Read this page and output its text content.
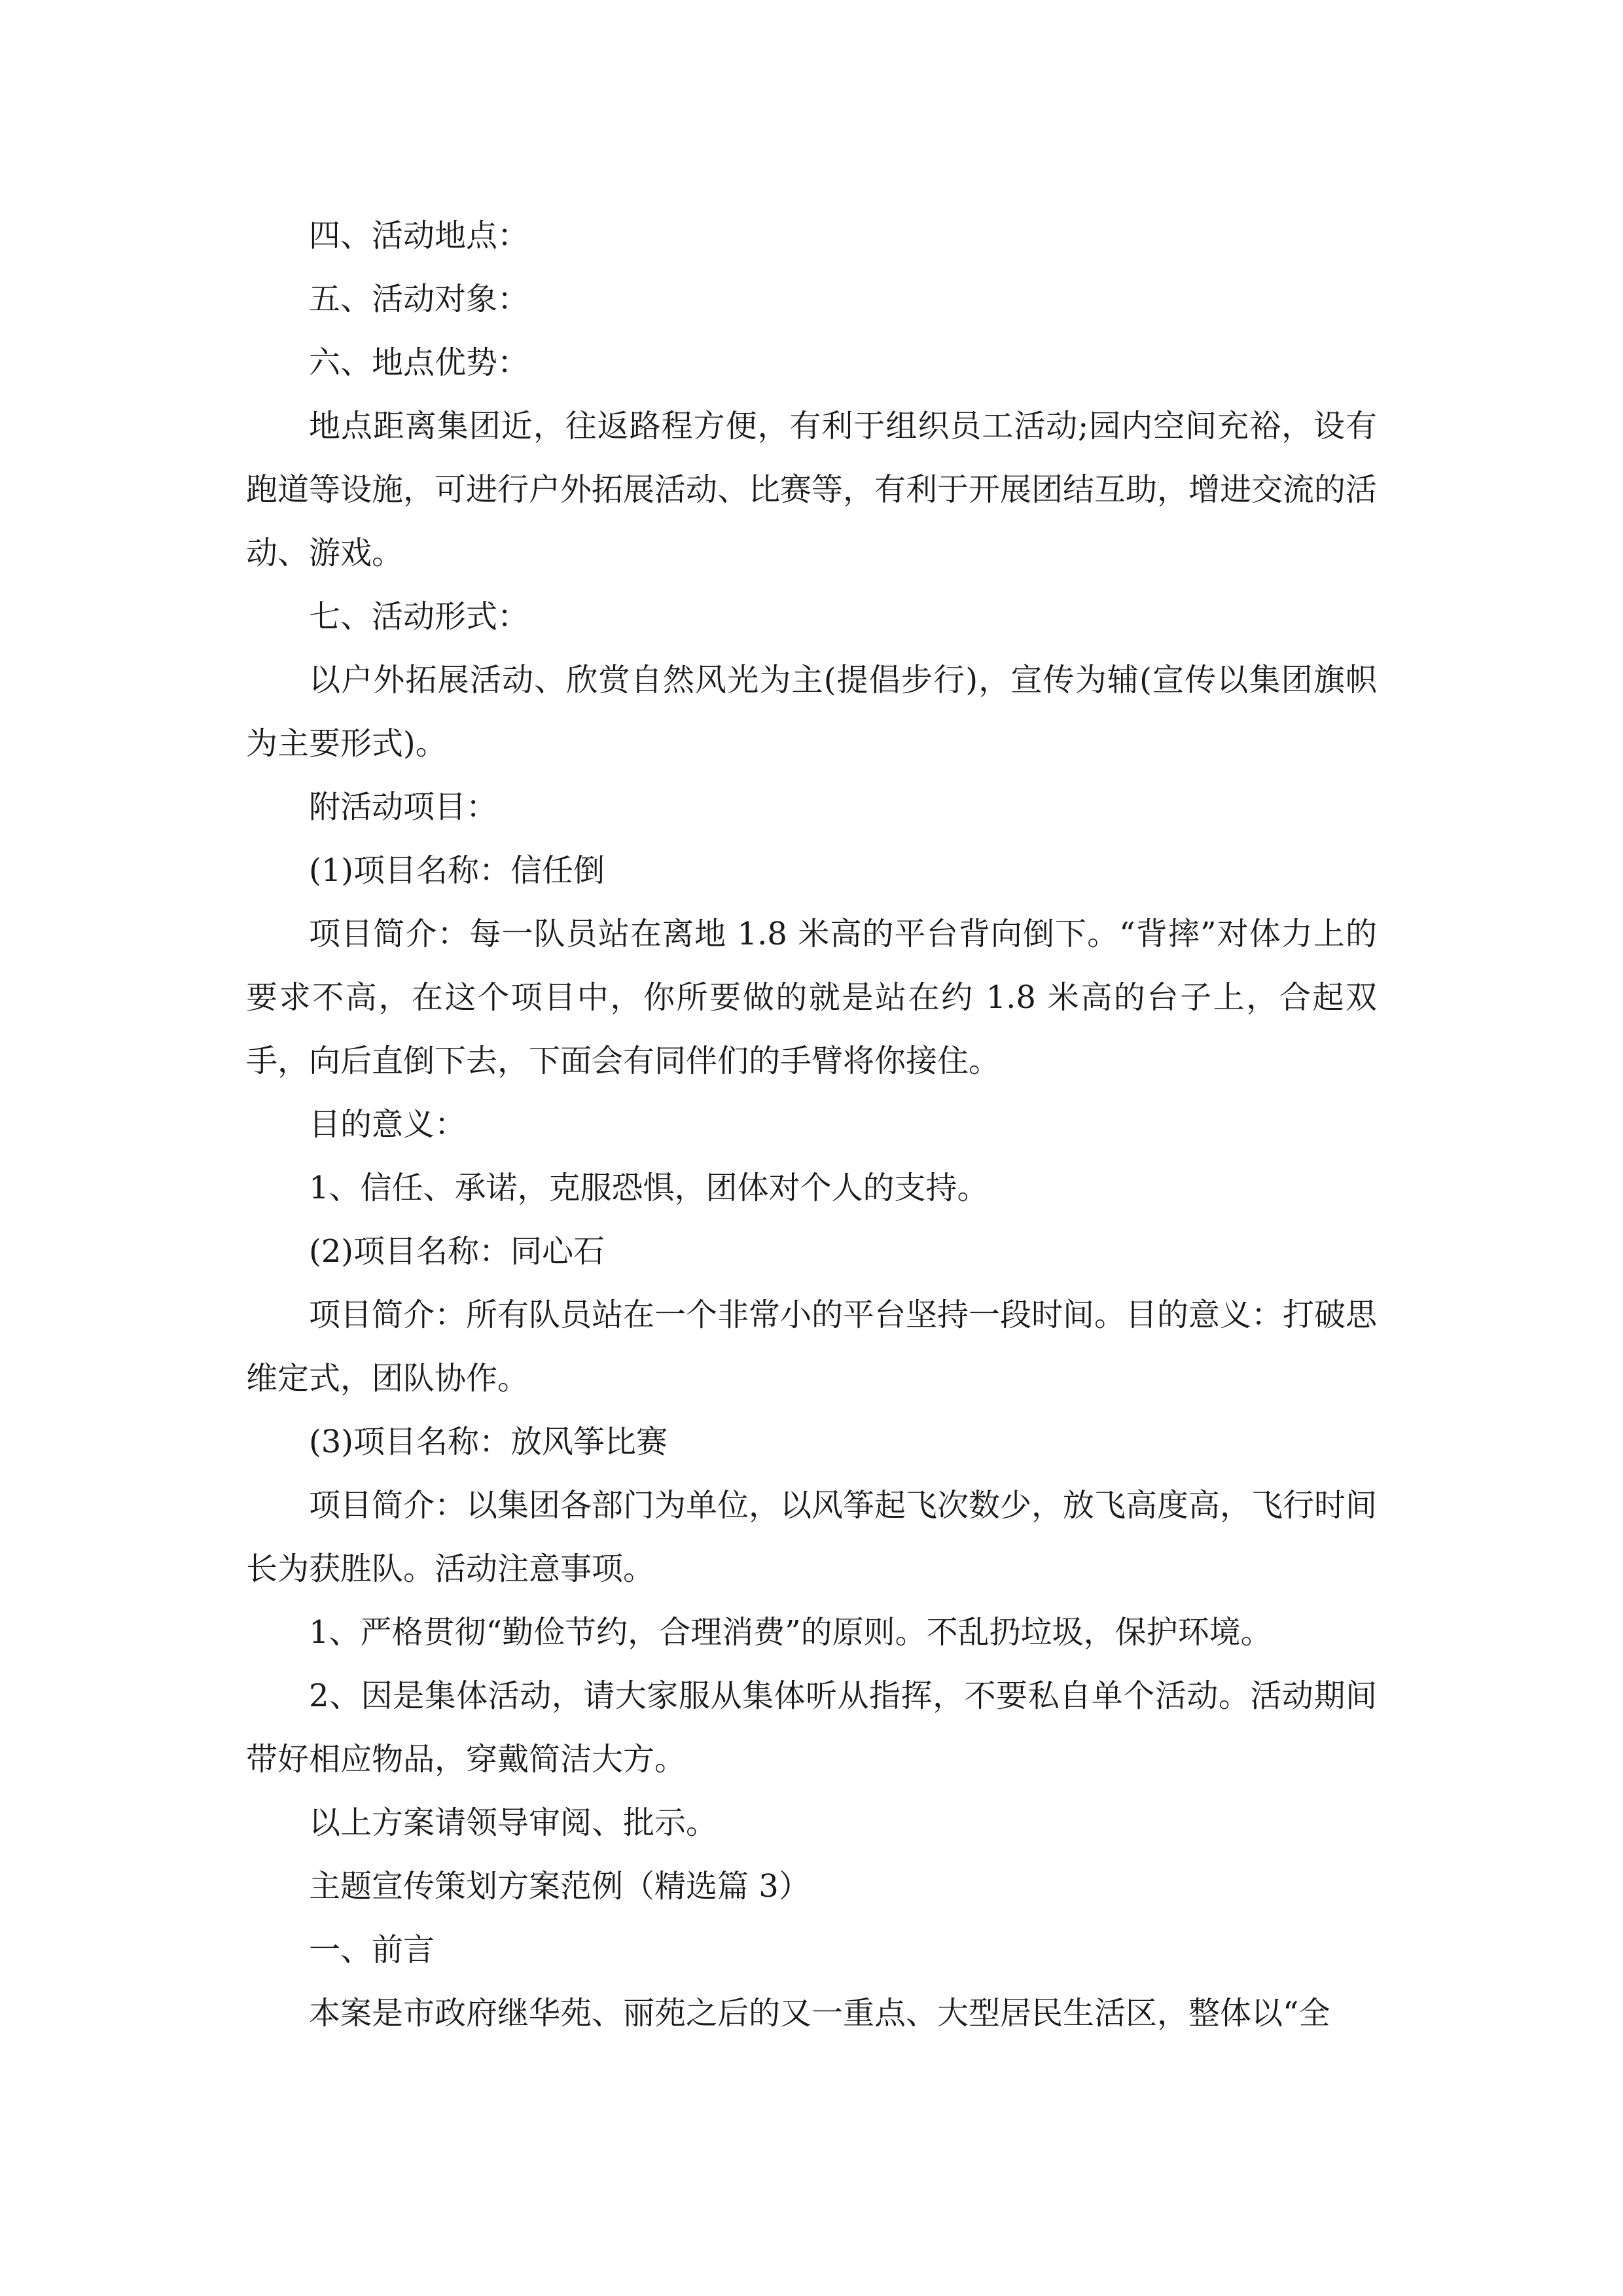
四、活动地点：

五、活动对象：

六、地点优势：

地点距离集团近，往返路程方便，有利于组织员工活动;园内空间充裕，设有跑道等设施，可进行户外拓展活动、比赛等，有利于开展团结互助，增进交流的活动、游戏。

七、活动形式：

以户外拓展活动、欣赏自然风光为主(提倡步行)，宣传为辅(宣传以集团旗帜为主要形式)。

附活动项目：

(1)项目名称：信任倒

项目简介：每一队员站在离地 1.8 米高的平台背向倒下。“背摔”对体力上的要求不高，在这个项目中，你所要做的就是站在约 1.8 米高的台子上，合起双手，向后直倒下去，下面会有同伴们的手臂将你接住。

目的意义：

1、信任、承诺，克服恐惧，团体对个人的支持。

(2)项目名称：同心石

项目简介：所有队员站在一个非常小的平台坚持一段时间。目的意义：打破思维定式，团队协作。

(3)项目名称：放风筝比赛

项目简介：以集团各部门为单位，以风筝起飞次数少，放飞高度高，飞行时间长为获胜队。活动注意事项。

1、严格贯彻“勤俭节约，合理消费”的原则。不乱扔垃圾，保护环境。

2、因是集体活动，请大家服从集体听从指挥，不要私自单个活动。活动期间带好相应物品，穿戴简洁大方。

以上方案请领导审阅、批示。

主题宣传策划方案范例（精选篇 3）

一、前言

本案是市政府继华苑、丽苑之后的又一重点、大型居民生活区，整体以“全
